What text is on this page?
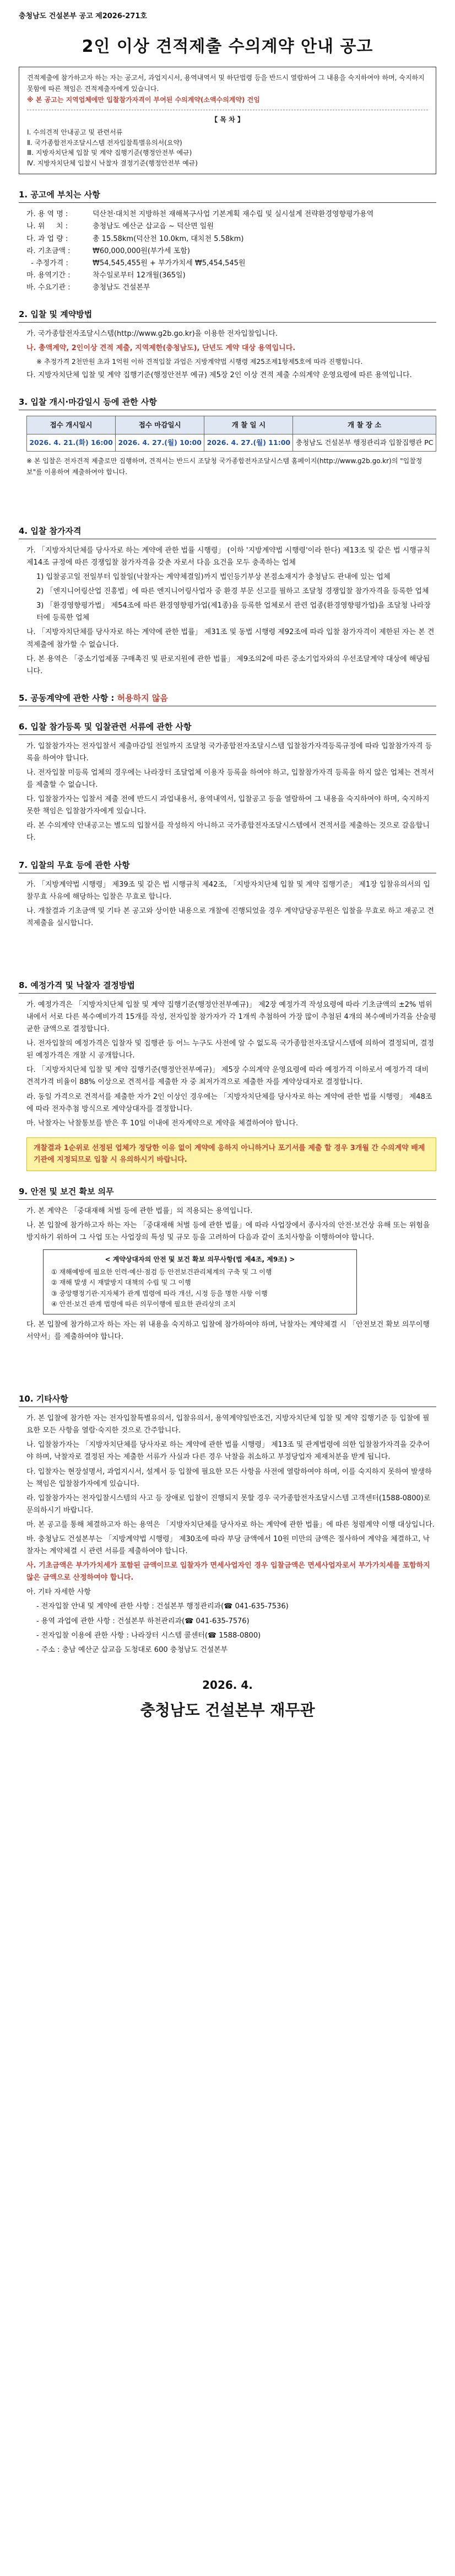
충청남도 건설본부 공고 제2026-271호
2인 이상 견적제출 수의계약 안내 공고
견적제출에 참가하고자 하는 자는 공고서, 과업지시서, 용역내역서 및 하단법령 등을 반드시 열람하여 그 내용을 숙지하여야 하며, 숙지하지 못함에 따른 책임은 견적제출자에게 있습니다.
※ 본 공고는 지역업체에만 입찰참가자격이 부여된 수의계약(소액수의계약) 건임
【 목 차 】
Ⅰ. 수의견적 안내공고 및 관련서류
Ⅱ. 국가종합전자조달시스템 전자입찰특별유의서(요약)
Ⅲ. 지방자치단체 입찰 및 계약 집행기준(행정안전부 예규)
Ⅳ. 지방자치단체 입찰시 낙찰자 결정기준(행정안전부 예규)
1. 공고에 부치는 사항
가. 용 역 명 :	덕산천·대치천 지방하천 재해복구사업 기본계획 재수립 및 실시설계 전략환경영향평가용역
나. 위     치 :	충청남도 예산군 삽교읍 ~ 덕산면 일원
다. 과 업 량 :	총 15.58km(덕산천 10.0km, 대치천 5.58km)
라. 기초금액 :	₩60,000,000원(부가세 포함)
- 추정가격 :	₩54,545,455원 + 부가가치세 ₩5,454,545원
마. 용역기간 :	착수일로부터 12개월(365일)
바. 수요기관 :	충청남도 건설본부
2. 입찰 및 계약방법
가. 국가종합전자조달시스템(http://www.g2b.go.kr)을 이용한 전자입찰입니다.
나. 총액계약, 2인이상 견적 제출, 지역제한(충청남도), 단년도 계약 대상 용역입니다.
※ 추정가격 2천만원 초과 1억원 이하 견적입찰 과업은 지방계약법 시행령 제25조제1항제5호에 따라 진행합니다.
다. 지방자치단체 입찰 및 계약 집행기준(행정안전부 예규) 제5장 2인 이상 견적 제출 수의계약 운영요령에 따른 용역입니다.
3. 입찰 개시·마감일시 등에 관한 사항
접수 개시일시	접수 마감일시	개 찰 일 시	개 찰 장 소
2026. 4. 21.(화) 16:00	2026. 4. 27.(월) 10:00	2026. 4. 27.(월) 11:00	충청남도 건설본부 행정관리과 입찰집행관 PC
※ 본 입찰은 전자견적 제출로만 집행하며, 견적서는 반드시 조달청 국가종합전자조달시스템 홈페이지(http://www.g2b.go.kr)의 "입찰정보"를 이용하여 제출하여야 합니다.
4. 입찰 참가자격
가. 「지방자치단체를 당사자로 하는 계약에 관한 법률 시행령」 (이하 '지방계약법 시행령'이라 한다) 제13조 및 같은 법 시행규칙 제14조 규정에 따른 경쟁입찰 참가자격을 갖춘 자로서 다음 요건을 모두 충족하는 업체
1) 입찰공고일 전일부터 입찰일(낙찰자는 계약체결일)까지 법인등기부상 본점소재지가 충청남도 관내에 있는 업체
2) 「엔지니어링산업 진흥법」에 따른 엔지니어링사업자 중 환경 부문 신고를 필하고 조달청 경쟁입찰 참가자격을 등록한 업체
3) 「환경영향평가법」 제54조에 따른 환경영향평가업(제1종)을 등록한 업체로서 관련 업종(환경영향평가업)을 조달청 나라장터에 등록한 업체
나. 「지방자치단체를 당사자로 하는 계약에 관한 법률」 제31조 및 동법 시행령 제92조에 따라 입찰 참가자격이 제한된 자는 본 견적제출에 참가할 수 없습니다.
다. 본 용역은 「중소기업제품 구매촉진 및 판로지원에 관한 법률」 제9조의2에 따른 중소기업자와의 우선조달계약 대상에 해당됩니다.
5. 공동계약에 관한 사항 : 허용하지 않음
6. 입찰 참가등록 및 입찰관련 서류에 관한 사항
가. 입찰참가자는 전자입찰서 제출마감일 전일까지 조달청 국가종합전자조달시스템 입찰참가자격등록규정에 따라 입찰참가자격 등록을 하여야 합니다.
나. 전자입찰 미등록 업체의 경우에는 나라장터 조달업체 이용자 등록을 하여야 하고, 입찰참가자격 등록을 하지 않은 업체는 견적서를 제출할 수 없습니다.
다. 입찰참가자는 입찰서 제출 전에 반드시 과업내용서, 용역내역서, 입찰공고 등을 열람하여 그 내용을 숙지하여야 하며, 숙지하지 못한 책임은 입찰참가자에게 있습니다.
라. 본 수의계약 안내공고는 별도의 입찰서를 작성하지 아니하고 국가종합전자조달시스템에서 견적서를 제출하는 것으로 갈음합니다.
7. 입찰의 무효 등에 관한 사항
가. 「지방계약법 시행령」 제39조 및 같은 법 시행규칙 제42조, 「지방자치단체 입찰 및 계약 집행기준」 제1장 입찰유의서의 입찰무효 사유에 해당하는 입찰은 무효로 합니다.
나. 개찰결과 기초금액 및 기타 본 공고와 상이한 내용으로 개찰에 진행되었을 경우 계약담당공무원은 입찰을 무효로 하고 재공고 견적제출을 실시합니다.
8. 예정가격 및 낙찰자 결정방법
가. 예정가격은 「지방자치단체 입찰 및 계약 집행기준(행정안전부예규)」 제2장 예정가격 작성요령에 따라 기초금액의 ±2% 범위 내에서 서로 다른 복수예비가격 15개를 작성, 전자입찰 참가자가 각 1개씩 추첨하여 가장 많이 추첨된 4개의 복수예비가격을 산술평균한 금액으로 결정합니다.
나. 전자입찰의 예정가격은 입찰자 및 집행관 등 어느 누구도 사전에 알 수 없도록 국가종합전자조달시스템에 의하여 결정되며, 결정된 예정가격은 개찰 시 공개합니다.
다. 「지방자치단체 입찰 및 계약 집행기준(행정안전부예규)」 제5장 수의계약 운영요령에 따라 예정가격 이하로서 예정가격 대비 견적가격 비율이 88% 이상으로 견적서를 제출한 자 중 최저가격으로 제출한 자를 계약상대자로 결정합니다.
라. 동일 가격으로 견적서를 제출한 자가 2인 이상인 경우에는 「지방자치단체를 당사자로 하는 계약에 관한 법률 시행령」 제48조에 따라 전자추첨 방식으로 계약상대자를 결정합니다.
마. 낙찰자는 낙찰통보를 받은 후 10일 이내에 전자계약으로 계약을 체결하여야 합니다.
개찰결과 1순위로 선정된 업체가 정당한 이유 없이 계약에 응하지 아니하거나 포기서를 제출 할 경우 3개월 간 수의계약 배제기관에 지정되므로 입찰 시 유의하시기 바랍니다.
9. 안전 및 보건 확보 의무
가. 본 계약은 「중대재해 처벌 등에 관한 법률」의 적용되는 용역입니다.
나. 본 입찰에 참가하고자 하는 자는 「중대재해 처벌 등에 관한 법률」에 따라 사업장에서 종사자의 안전·보건상 유해 또는 위험을 방지하기 위하여 그 사업 또는 사업장의 특성 및 규모 등을 고려하여 다음과 같이 조치사항을 이행하여야 합니다.
< 계약상대자의 안전 및 보건 확보 의무사항(법 제4조, 제9조) >
① 재해예방에 필요한 인력·예산·점검 등 안전보건관리체계의 구축 및 그 이행
② 재해 발생 시 재발방지 대책의 수립 및 그 이행
③ 중앙행정기관·지자체가 관계 법령에 따라 개선, 시정 등을 명한 사항 이행
④ 안전·보건 관계 법령에 따른 의무이행에 필요한 관리상의 조치
다. 본 입찰에 참가하고자 하는 자는 위 내용을 숙지하고 입찰에 참가하여야 하며, 낙찰자는 계약체결 시 「안전보건 확보 의무이행 서약서」를 제출하여야 합니다.
10. 기타사항
가. 본 입찰에 참가한 자는 전자입찰특별유의서, 입찰유의서, 용역계약일반조건, 지방자치단체 입찰 및 계약 집행기준 등 입찰에 필요한 모든 사항을 열람·숙지한 것으로 간주합니다.
나. 입찰참가자는 「지방자치단체를 당사자로 하는 계약에 관한 법률 시행령」 제13조 및 관계법령에 의한 입찰참가자격을 갖추어야 하며, 낙찰자로 결정된 자는 제출한 서류가 사실과 다른 경우 낙찰을 취소하고 부정당업자 제재처분을 받게 됩니다.
다. 입찰자는 현장설명서, 과업지시서, 설계서 등 입찰에 필요한 모든 사항을 사전에 열람하여야 하며, 이를 숙지하지 못하여 발생하는 책임은 입찰참가자에게 있습니다.
라. 입찰참가자는 전자입찰시스템의 사고 등 장애로 입찰이 진행되지 못할 경우 국가종합전자조달시스템 고객센터(1588-0800)로 문의하시기 바랍니다.
마. 본 공고를 통해 체결하고자 하는 용역은 「지방자치단체를 당사자로 하는 계약에 관한 법률」에 따른 청렴계약 이행 대상입니다.
바. 충청남도 건설본부는 「지방계약법 시행령」 제30조에 따라 부당 금액에서 10원 미만의 금액은 절사하여 계약을 체결하고, 낙찰자는 계약체결 시 관련 서류를 제출하여야 합니다.
사. 기초금액은 부가가치세가 포함된 금액이므로 입찰자가 면세사업자인 경우 입찰금액은 면세사업자로서 부가가치세를 포함하지 않은 금액으로 산정하여야 합니다.
아. 기타 자세한 사항
- 전자입찰 안내 및 계약에 관한 사항 : 건설본부 행정관리과(☎ 041-635-7536)
- 용역 과업에 관한 사항 : 건설본부 하천관리과(☎ 041-635-7576)
- 전자입찰 이용에 관한 사항 : 나라장터 시스템 콜센터(☎ 1588-0800)
- 주소 : 충남 예산군 삽교읍 도청대로 600 충청남도 건설본부
2026. 4.
충청남도 건설본부 재무관
